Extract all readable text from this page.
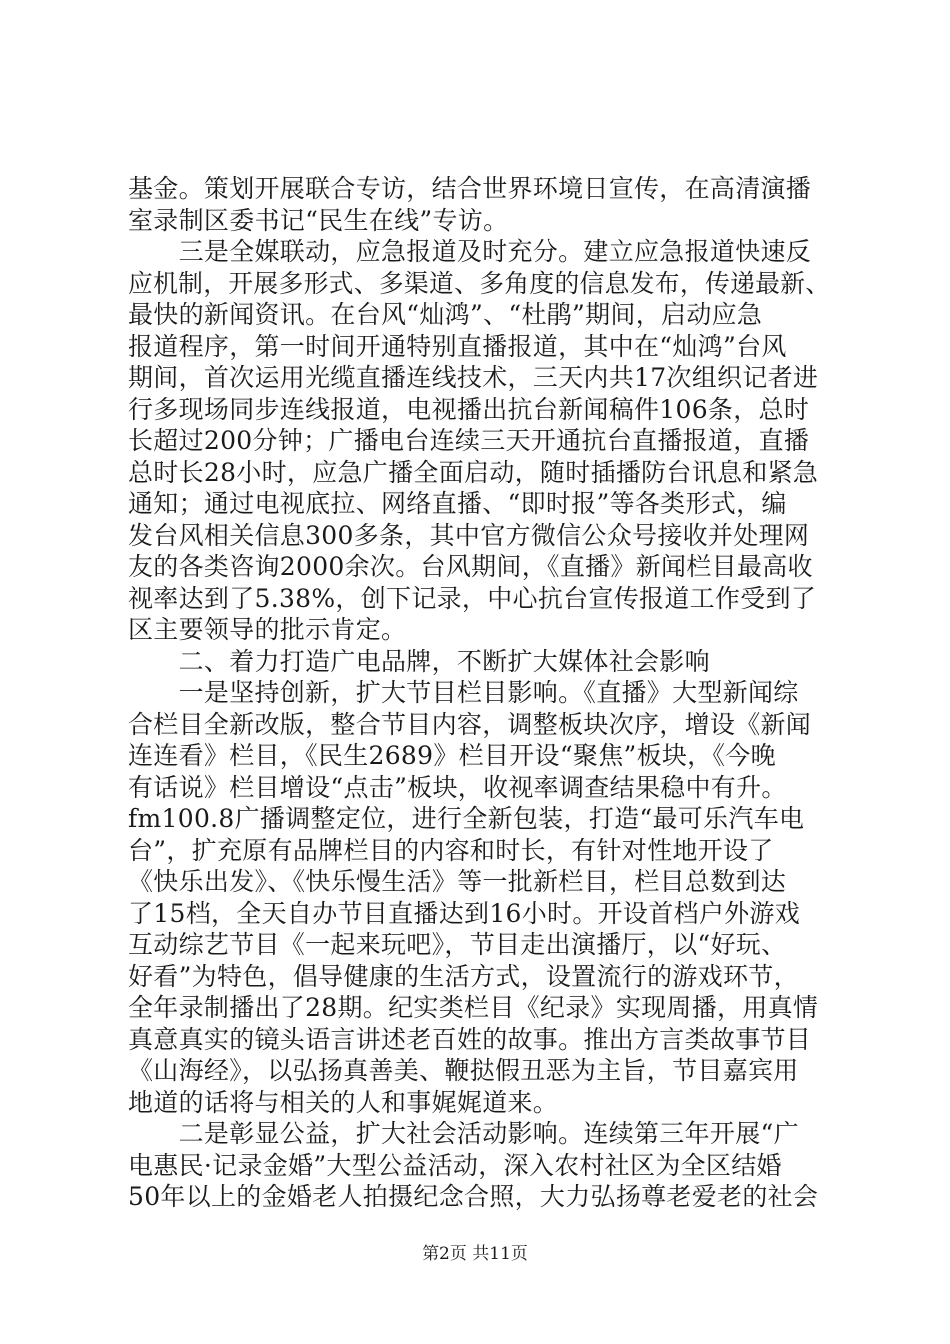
基金。策划开展联合专访，结合世界环境日宣传，在高清演播
室录制区委书记“民生在线”专访。
　　三是全媒联动，应急报道及时充分。建立应急报道快速反
应机制，开展多形式、多渠道、多角度的信息发布，传递最新、
最快的新闻资讯。在台风“灿鸿”、“杜鹃”期间，启动应急
报道程序，第一时间开通特别直播报道，其中在“灿鸿”台风
期间，首次运用光缆直播连线技术，三天内共17次组织记者进
行多现场同步连线报道，电视播出抗台新闻稿件106条，总时
长超过200分钟；广播电台连续三天开通抗台直播报道，直播
总时长28小时，应急广播全面启动，随时插播防台讯息和紧急
通知；通过电视底拉、网络直播、“即时报”等各类形式，编
发台风相关信息300多条，其中官方微信公众号接收并处理网
友的各类咨询2000余次。台风期间，《直播》新闻栏目最高收
视率达到了5.38%，创下记录，中心抗台宣传报道工作受到了
区主要领导的批示肯定。
　　二、着力打造广电品牌，不断扩大媒体社会影响
　　一是坚持创新，扩大节目栏目影响。《直播》大型新闻综
合栏目全新改版，整合节目内容，调整板块次序，增设《新闻
连连看》栏目，《民生2689》栏目开设“聚焦”板块，《今晚
有话说》栏目增设“点击”板块，收视率调查结果稳中有升。
fm100.8广播调整定位，进行全新包装，打造“最可乐汽车电
台”，扩充原有品牌栏目的内容和时长，有针对性地开设了
《快乐出发》、《快乐慢生活》等一批新栏目，栏目总数到达
了15档，全天自办节目直播达到16小时。开设首档户外游戏
互动综艺节目《一起来玩吧》，节目走出演播厅，以“好玩、
好看”为特色，倡导健康的生活方式，设置流行的游戏环节，
全年录制播出了28期。纪实类栏目《纪录》实现周播，用真情
真意真实的镜头语言讲述老百姓的故事。推出方言类故事节目
《山海经》，以弘扬真善美、鞭挞假丑恶为主旨，节目嘉宾用
地道的话将与相关的人和事娓娓道来。
　　二是彰显公益，扩大社会活动影响。连续第三年开展“广
电惠民·记录金婚”大型公益活动，深入农村社区为全区结婚
50年以上的金婚老人拍摄纪念合照，大力弘扬尊老爱老的社会
第2页 共11页
